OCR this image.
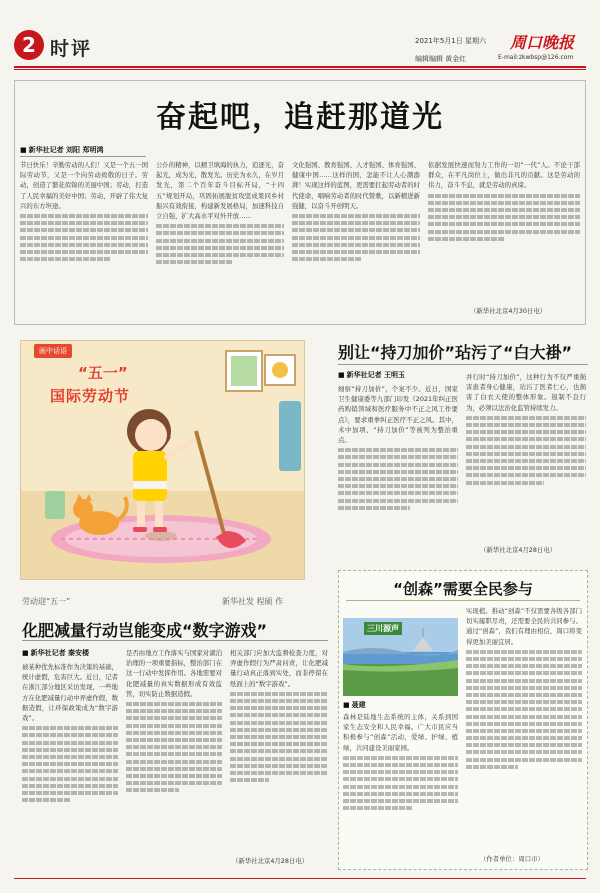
2 时评	2021年5月1日 星期六
编辑编辑 黄金红
周口晚报
E-mail:zkwbsp@126.com
奋起吧，追赶那道光
■ 新华社记者 刘阳 郑明鸿
节日快乐！辛勤劳动的人们！又是一个五一国际劳动节，又是一个向劳动致敬的日子。劳动，创造了繁花似锦的美丽中国；劳动，打造了人民幸福的美好中国；劳动，开辟了伟大复兴的东方坦途。
公仆的精神，以精卫填海的执力，追逐光，奋起光，成为光，散发光。历史为永久，在岁月发光，第二个百年奋斗目标开局，“十四五”规划开局，巩固拓展脱贫攻坚成果同乡村振兴有效衔接，构建新发展格局，加速科技自立自强，扩大高水平对外开放……
文化强国、教育强国、人才强国、体育强国、健康中国……这样的国，怎能不让人心潮澎湃！实现这样的蓝图，更需要扛起劳动者的时代使命，唱响劳动者的时代赞歌，以新精进新强健，以奋斗开创明天。
依据发展快速而努力工作的一切“一代”人。不论干部群众，在平凡岗位上，做出非凡的贡献。这是劳动的伟力，奋斗不息，就是劳动的真谛。
（新华社北京4月30日电）
画中话语
“五一”
国际劳动节
劳动迎“五一”	新华社发 程硕 作
别让“持刀加价”玷污了“白大褂”
■ 新华社记者 王明玉
细察“持刀加价”，个案不少。近日，国家卫生健康委等九部门印发《2021年纠正医药购销领域和医疗服务中不正之风工作要点》，要求重拳纠正医疗不正之风。其中，术中加项、“持刀加价”等被列为整治重点。
并行时“持刀加价”，这种行为不仅严重损害患者身心健康，玷污了医者仁心，也损害了白衣天使的整体形象。遏制不良行为，必须以法治化监管持续发力。
（新华社北京4月28日电）
化肥减量行动岂能变成“数字游戏”
■ 新华社记者 秦安楼
被某种优先标准作为决策的基础，统计虚假，危害巨大。近日，记者在浙江部分地区采访发现，一些地方在化肥减量行动中弄虚作假，数据造假，让环保政策成为“数字游戏”。
是否由地方工作落实与国家对湖泊治理的一项重要指标，整治部门在这一行动中发挥作用。各地需要对化肥减量的真实数据形成有效监管，切实防止数据造假。
相关部门应加大监督检查力度，对弄虚作假行为严肃问责，让化肥减量行动真正落到实处，而非停留在纸面上的“数字游戏”。
（新华社北京4月28日电）
“创森”需要全民参与
三川源声
■ 聂建
森林是陆地生态系统的主体，关系到国家生态安全和人民幸福。广大市民应当积极参与“创森”活动，爱绿、护绿、植绿，共同建设美丽家园。
实现植。推动“创森”不仅需要各级各部门切实履职尽责，还需要全民的共同参与。通过“创森”，我们有理由相信，周口将变得更加美丽宜居。
（作者单位：周口市）
